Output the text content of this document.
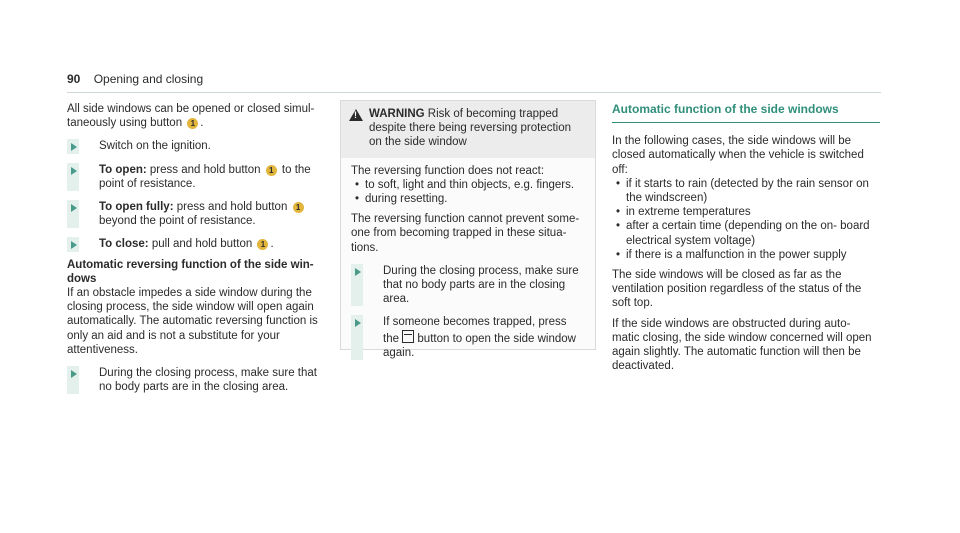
90 Opening and closing

All side windows can be opened or closed simul-
taneously using button 1 .

Switch on the ignition.
To open: press and hold button 1 to the point of resistance.
To open fully: press and hold button 1 beyond the point of resistance.
To close: pull and hold button 1 .

Automatic reversing function of the side win- dows

If an obstacle impedes a side window during the closing process, the side window will open again automatically. The automatic reversing function is only an aid and is not a substitute for your attentiveness.

During the closing process, make sure that no body parts are in the closing area.
!
WARNING Risk of becoming trapped despite there being reversing protection on the side window

The reversing function does not react:

• to soft, light and thin objects, e.g. fingers.

• during resetting.

The reversing function cannot prevent some- one from becoming trapped in these situa- tions.

During the closing process, make sure that no body parts are in the closing area.
If someone becomes trapped, press the button to open the side window again.
Automatic function of the side windows

In the following cases, the side windows will be closed automatically when the vehicle is switched off:

• if it starts to rain (detected by the rain sensor on the windscreen)

• in extreme temperatures

• after a certain time (depending on the on- board electrical system voltage)

• if there is a malfunction in the power supply

The side windows will be closed as far as the ventilation position regardless of the status of the soft top.

If the side windows are obstructed during auto- matic closing, the side window concerned will open again slightly. The automatic function will then be deactivated.
